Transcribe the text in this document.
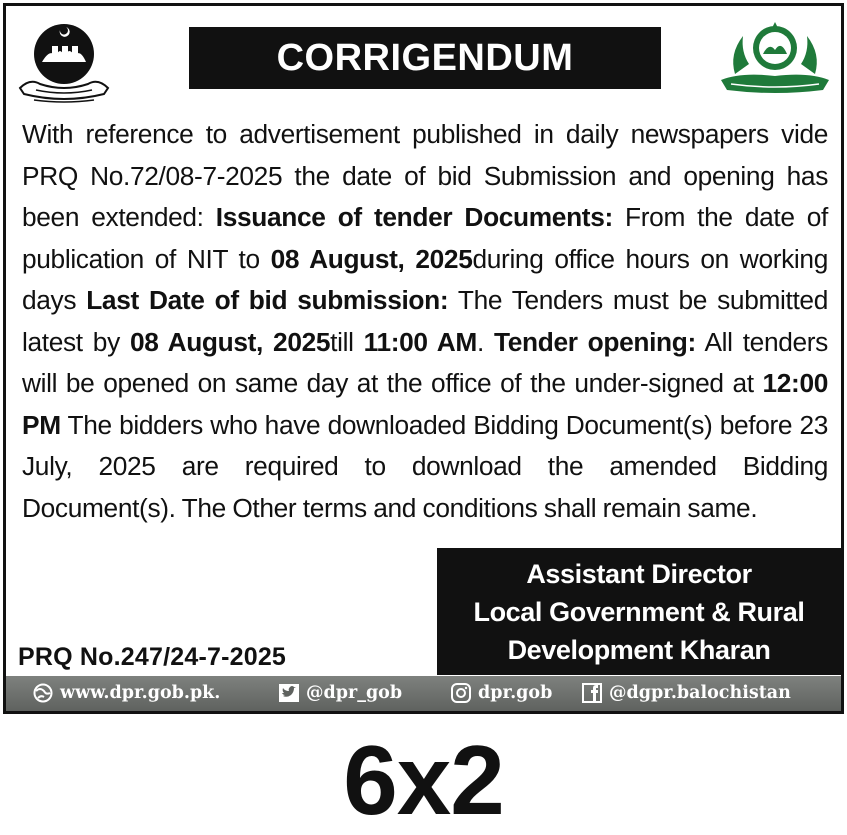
CORRIGENDUM
With reference to advertisement published in daily newspapers vide PRQ No.72/08-7-2025 the date of bid Submission and opening has been extended: Issuance of tender Documents: From the date of publication of NIT to 08 August, 2025during office hours on working days Last Date of bid submission: The Tenders must be submitted latest by 08 August, 2025till 11:00 AM. Tender opening: All tenders will be opened on same day at the office of the under-signed at 12:00 PM The bidders who have downloaded Bidding Document(s) before 23 July, 2025 are required to download the amended Bidding Document(s). The Other terms and conditions shall remain same.
Assistant Director
Local Government & Rural
Development Kharan
PRQ No.247/24-7-2025
www.dpr.gob.pk.	@dpr_gob	dpr.gob	@dgpr.balochistan
6x2
